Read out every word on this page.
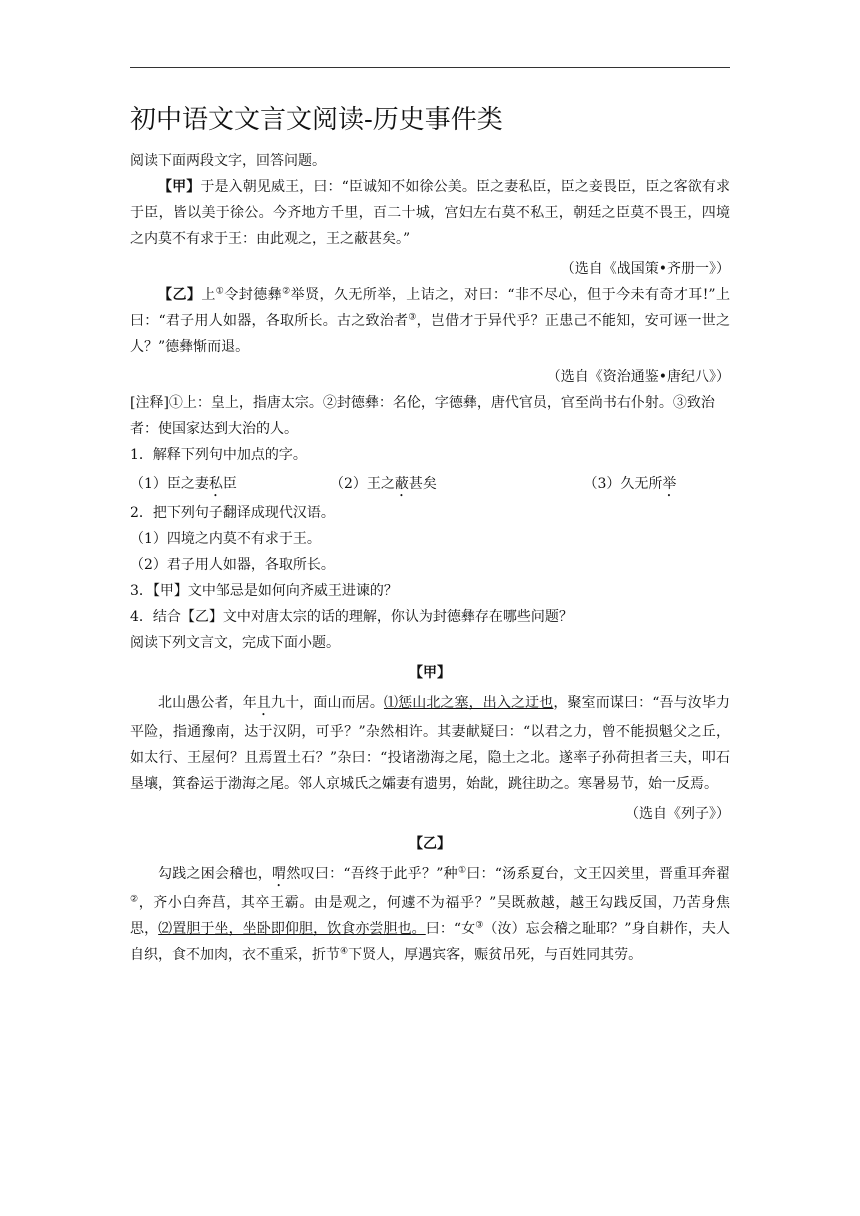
初中语文文言文阅读-历史事件类

阅读下面两段文字，回答问题。

【甲】于是入朝见威王，曰：“臣诚知不如徐公美。臣之妻私臣，臣之妾畏臣，臣之客欲有求于臣，皆以美于徐公。今齐地方千里，百二十城，宫妇左右莫不私王，朝廷之臣莫不畏王，四境之内莫不有求于王：由此观之，王之蔽甚矣。”

（选自《战国策•齐册一》）

【乙】上①令封德彝②举贤，久无所举，上诘之，对曰：“非不尽心，但于今未有奇才耳!”上曰：“君子用人如器，各取所长。古之致治者③，岂借才于异代乎？正患己不能知，安可诬一世之人？”德彝惭而退。

（选自《资治通鉴•唐纪八》）

[注释]①上：皇上，指唐太宗。②封德彝：名伦，字德彝，唐代官员，官至尚书右仆射。③致治者：使国家达到大治的人。

1．解释下列句中加点的字。

（1）臣之妻私臣	（2）王之蔽甚矣	（3）久无所举

2．把下列句子翻译成现代汉语。

（1）四境之内莫不有求于王。

（2）君子用人如器，各取所长。

3．【甲】文中邹忌是如何向齐威王进谏的？

4．结合【乙】文中对唐太宗的话的理解，你认为封德彝存在哪些问题？

阅读下列文言文，完成下面小题。

【甲】

北山愚公者，年且九十，面山而居。⑴惩山北之塞，出入之迂也，聚室而谋曰：“吾与汝毕力平险，指通豫南，达于汉阴，可乎？”杂然相许。其妻献疑曰：“以君之力，曾不能损魁父之丘，如太行、王屋何？且焉置土石？”杂曰：“投诸渤海之尾，隐土之北。遂率子孙荷担者三夫，叩石垦壤，箕畚运于渤海之尾。邻人京城氏之孀妻有遗男，始龀，跳往助之。寒暑易节，始一反焉。

（选自《列子》）

【乙】

勾践之困会稽也，喟然叹曰：“吾终于此乎？”种①曰：“汤系夏台，文王囚羑里，晋重耳奔翟②，齐小白奔莒，其卒王霸。由是观之，何遽不为福乎？”吴既赦越，越王勾践反国，乃苦身焦思，⑵置胆于坐，坐卧即仰胆，饮食亦尝胆也。曰：“女③（汝）忘会稽之耻耶？”身自耕作，夫人自织，食不加肉，衣不重采，折节④下贤人，厚遇宾客，赈贫吊死，与百姓同其劳。
